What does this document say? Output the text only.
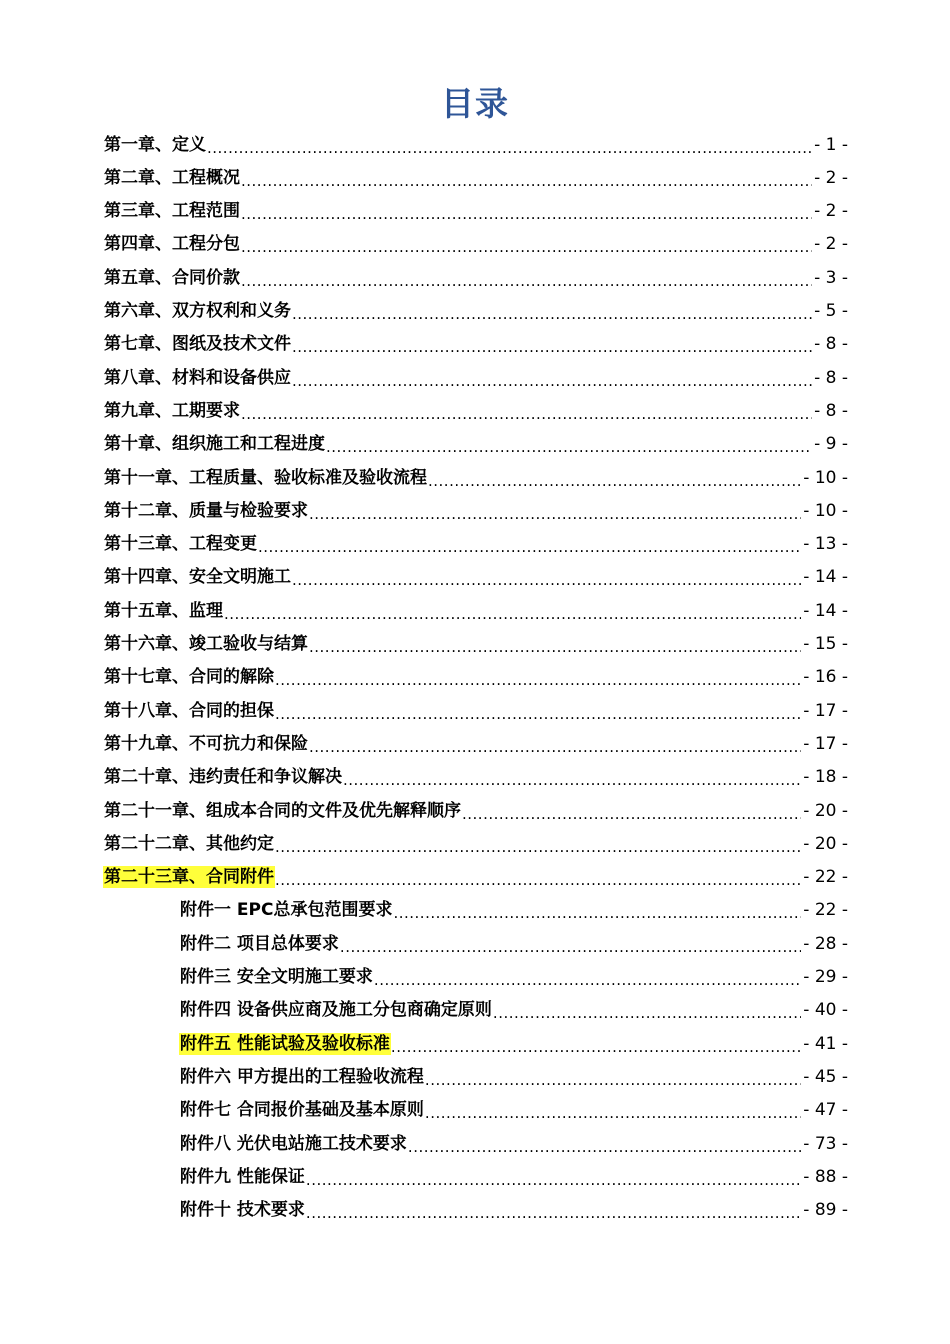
目录
第一章、定义 .....	- 1 -
第二章、工程概况 .....	- 2 -
第三章、工程范围 .....	- 2 -
第四章、工程分包 .....	- 2 -
第五章、合同价款 .....	- 3 -
第六章、双方权利和义务 .....	- 5 -
第七章、图纸及技术文件 .....	- 8 -
第八章、材料和设备供应 .....	- 8 -
第九章、工期要求 .....	- 8 -
第十章、组织施工和工程进度 .....	- 9 -
第十一章、工程质量、验收标准及验收流程 .....	- 10 -
第十二章、质量与检验要求 .....	- 10 -
第十三章、工程变更 .....	- 13 -
第十四章、安全文明施工 .....	- 14 -
第十五章、监理 .....	- 14 -
第十六章、竣工验收与结算 .....	- 15 -
第十七章、合同的解除 .....	- 16 -
第十八章、合同的担保 .....	- 17 -
第十九章、不可抗力和保险 .....	- 17 -
第二十章、违约责任和争议解决 .....	- 18 -
第二十一章、组成本合同的文件及优先解释顺序 .....	- 20 -
第二十二章、其他约定 .....	- 20 -
第二十三章、合同附件 .....	- 22 -
附件一 EPC总承包范围要求 .....	- 22 -
附件二 项目总体要求 .....	- 28 -
附件三 安全文明施工要求 .....	- 29 -
附件四 设备供应商及施工分包商确定原则 .....	- 40 -
附件五 性能试验及验收标准 .....	- 41 -
附件六 甲方提出的工程验收流程 .....	- 45 -
附件七 合同报价基础及基本原则 .....	- 47 -
附件八 光伏电站施工技术要求 .....	- 73 -
附件九 性能保证 .....	- 88 -
附件十 技术要求 .....	- 89 -
